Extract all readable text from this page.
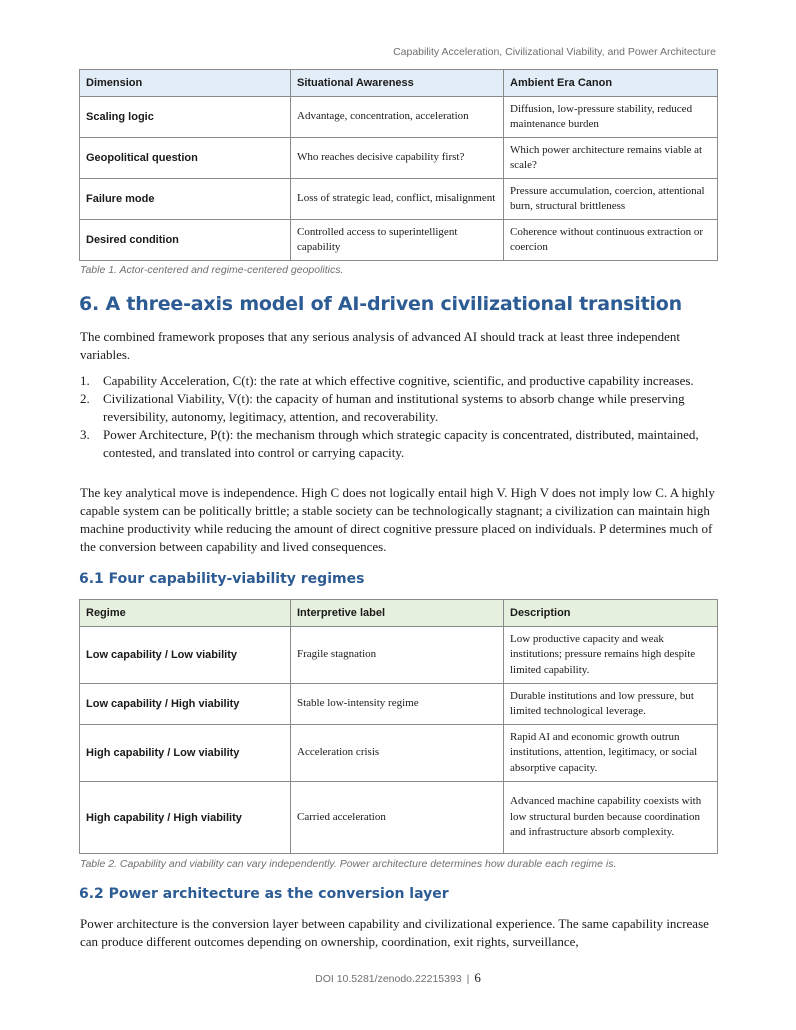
Capability Acceleration, Civilizational Viability, and Power Architecture
Dimension	Situational Awareness	Ambient Era Canon
Scaling logic	Advantage, concentration, acceleration	Diffusion, low-pressure stability, reduced maintenance burden
Geopolitical question	Who reaches decisive capability first?	Which power architecture remains viable at scale?
Failure mode	Loss of strategic lead, conflict, misalignment	Pressure accumulation, coercion, attentional burn, structural brittleness
Desired condition	Controlled access to superintelligent capability	Coherence without continuous extraction or coercion
Table 1. Actor-centered and regime-centered geopolitics.
6. A three-axis model of AI-driven civilizational transition

The combined framework proposes that any serious analysis of advanced AI should track at least three independent variables.

1. Capability Acceleration, C(t): the rate at which effective cognitive, scientific, and productive capability increases.
2. Civilizational Viability, V(t): the capacity of human and institutional systems to absorb change while preserving reversibility, autonomy, legitimacy, attention, and recoverability.
3. Power Architecture, P(t): the mechanism through which strategic capacity is concentrated, distributed, maintained, contested, and translated into control or carrying capacity.

The key analytical move is independence. High C does not logically entail high V. High V does not imply low C. A highly capable system can be politically brittle; a stable society can be technologically stagnant; a civilization can maintain high machine productivity while reducing the amount of direct cognitive pressure placed on individuals. P determines much of the conversion between capability and lived consequences.

6.1 Four capability-viability regimes
Regime	Interpretive label	Description
Low capability / Low viability	Fragile stagnation	Low productive capacity and weak institutions; pressure remains high despite limited capability.
Low capability / High viability	Stable low-intensity regime	Durable institutions and low pressure, but limited technological leverage.
High capability / Low viability	Acceleration crisis	Rapid AI and economic growth outrun institutions, attention, legitimacy, or social absorptive capacity.
High capability / High viability	Carried acceleration	Advanced machine capability coexists with low structural burden because coordination and infrastructure absorb complexity.
Table 2. Capability and viability can vary independently. Power architecture determines how durable each regime is.
6.2 Power architecture as the conversion layer

Power architecture is the conversion layer between capability and civilizational experience. The same capability increase can produce different outcomes depending on ownership, coordination, exit rights, surveillance,

DOI 10.5281/zenodo.22215393 | 6
